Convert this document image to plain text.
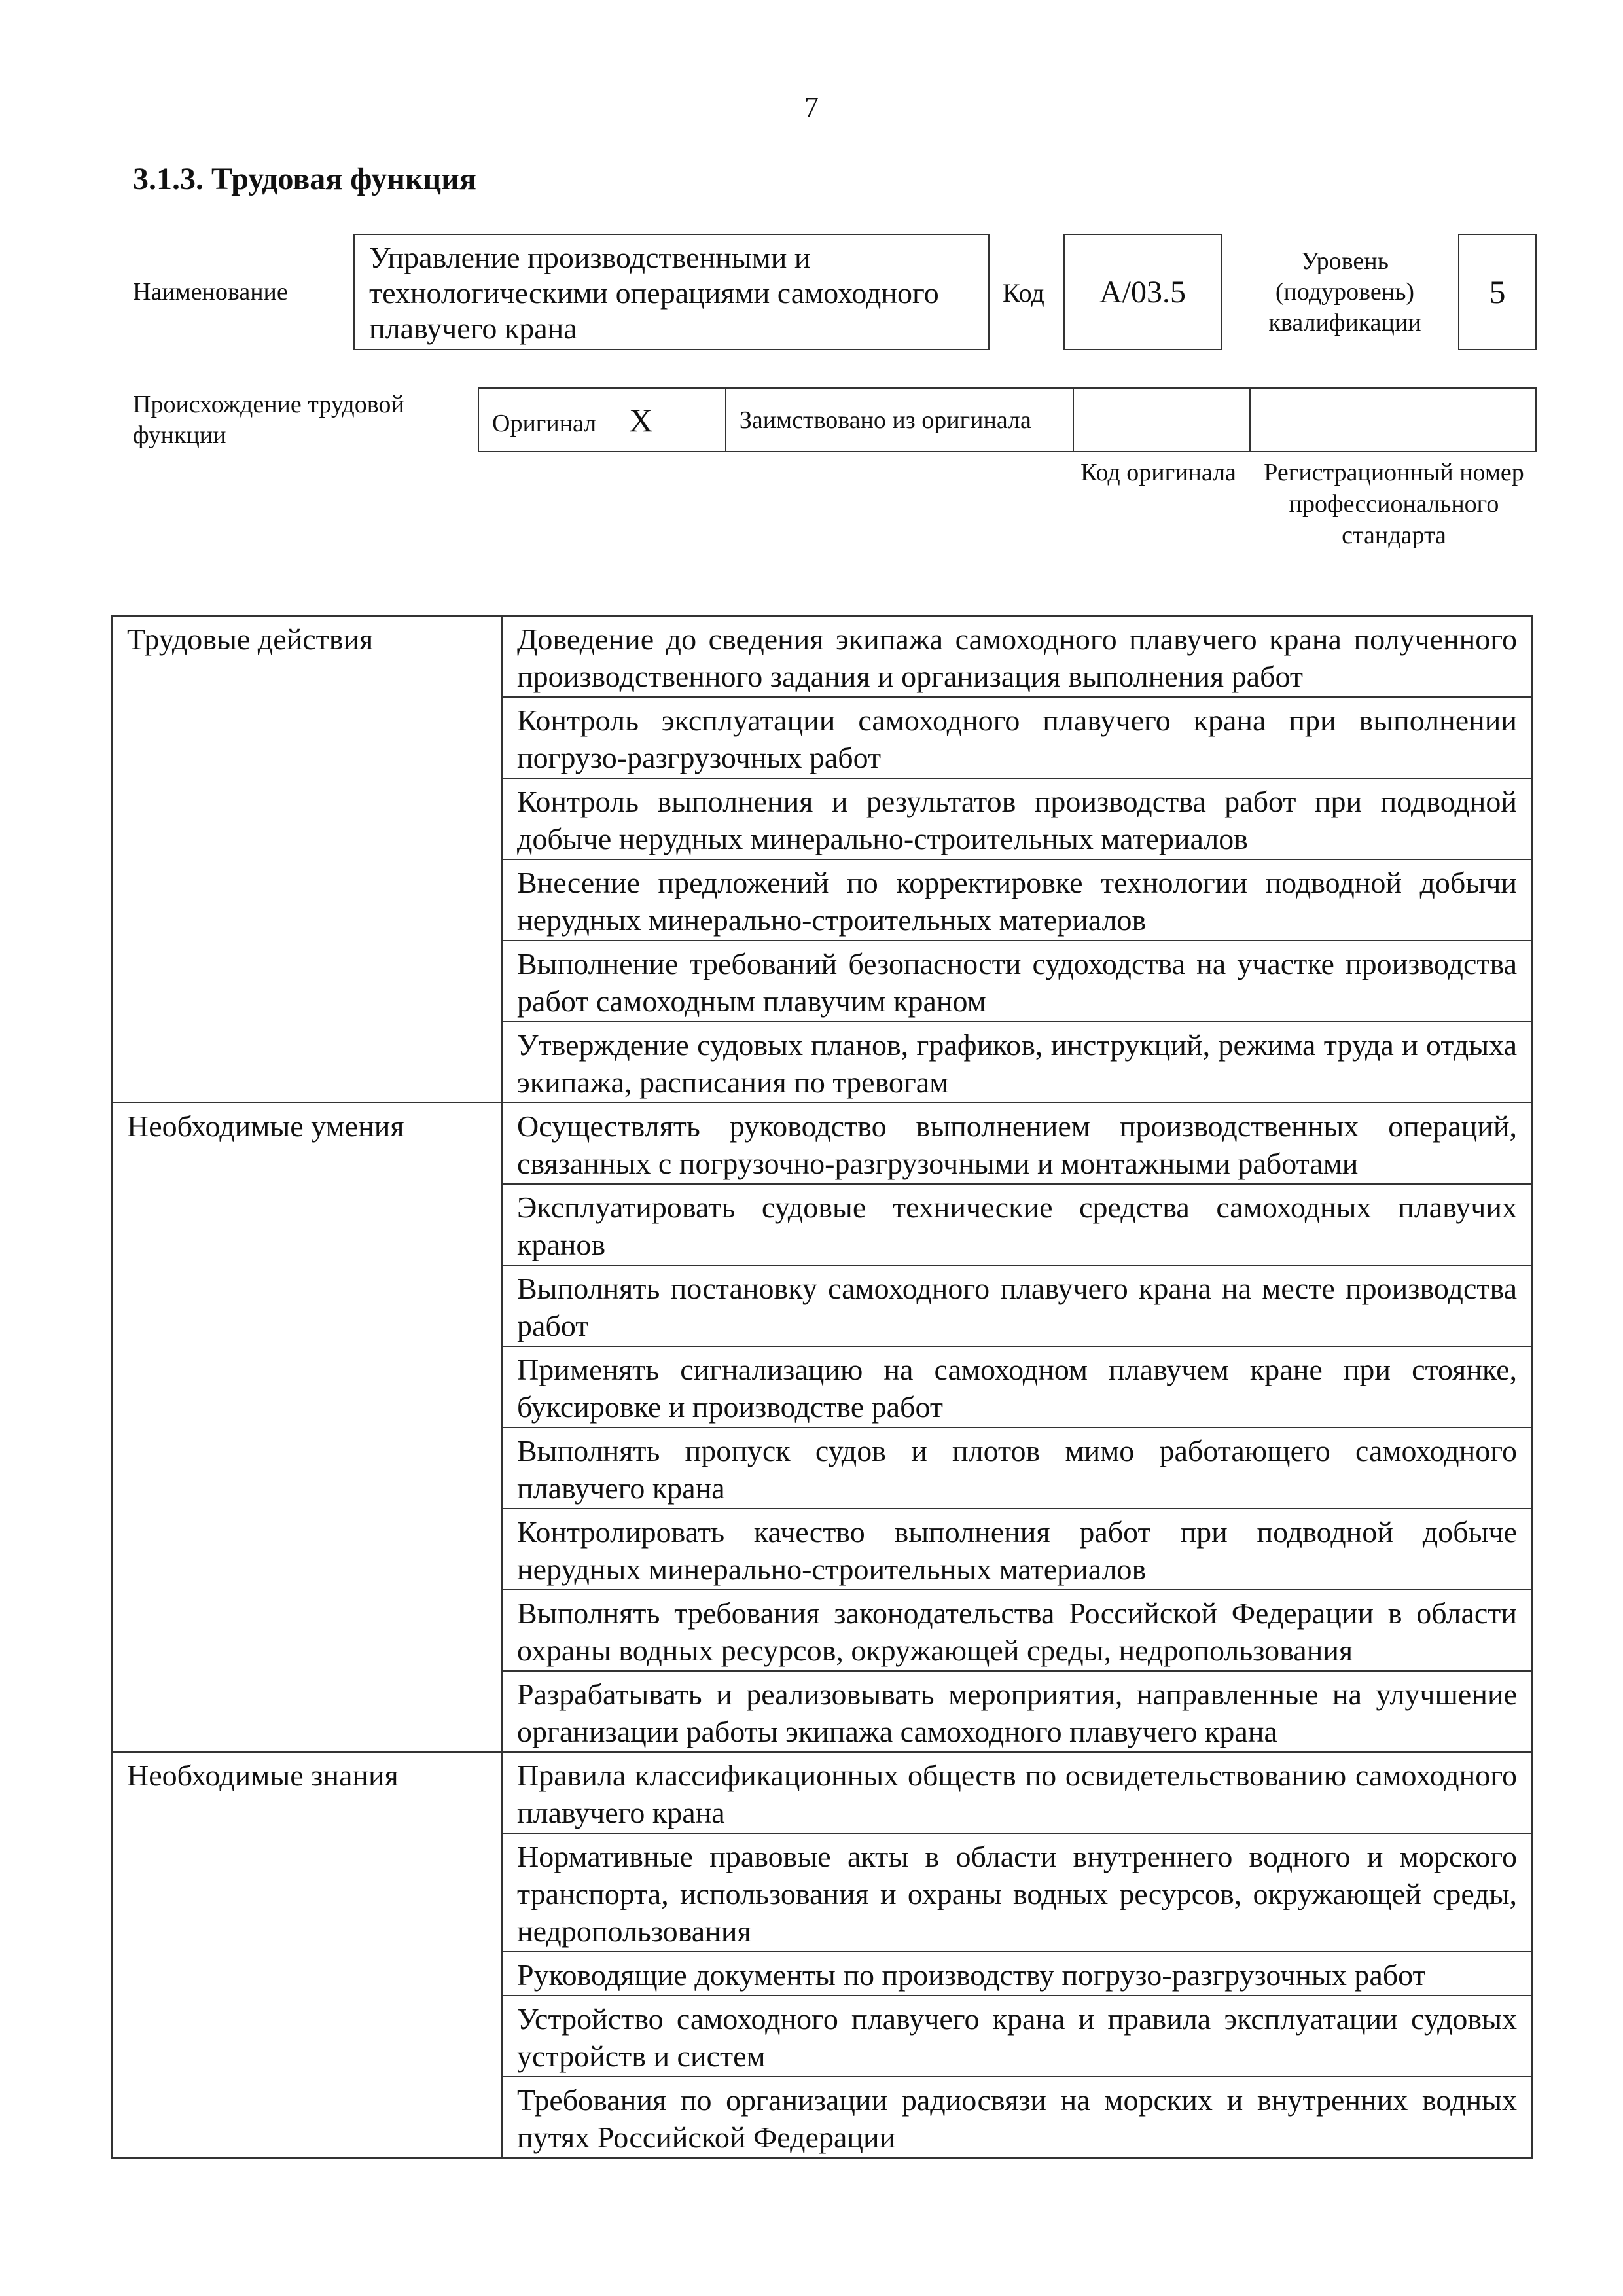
7
3.1.3. Трудовая функция
Наименование
Управление производственными и технологическими операциями самоходного плавучего крана
Код А/03.5
Уровень (подуровень) квалификации
5
Происхождение трудовой функции	Оригинал Х	Заимствовано из оригинала		
Код оригинала	Регистрационный номер профессионального стандарта
Трудовые действия	Доведение до сведения экипажа самоходного плавучего крана полученного производственного задания и организация выполнения работ
	Контроль эксплуатации самоходного плавучего крана при выполнении погрузо-разгрузочных работ
	Контроль выполнения и результатов производства работ при подводной добыче нерудных минерально-строительных материалов
	Внесение предложений по корректировке технологии подводной добычи нерудных минерально-строительных материалов
	Выполнение требований безопасности судоходства на участке производства работ самоходным плавучим краном
	Утверждение судовых планов, графиков, инструкций, режима труда и отдыха экипажа, расписания по тревогам
Необходимые умения	Осуществлять руководство выполнением производственных операций, связанных с погрузочно-разгрузочными и монтажными работами
	Эксплуатировать судовые технические средства самоходных плавучих кранов
	Выполнять постановку самоходного плавучего крана на месте производства работ
	Применять сигнализацию на самоходном плавучем кране при стоянке, буксировке и производстве работ
	Выполнять пропуск судов и плотов мимо работающего самоходного плавучего крана
	Контролировать качество выполнения работ при подводной добыче нерудных минерально-строительных материалов
	Выполнять требования законодательства Российской Федерации в области охраны водных ресурсов, окружающей среды, недропользования
	Разрабатывать и реализовывать мероприятия, направленные на улучшение организации работы экипажа самоходного плавучего крана
Необходимые знания	Правила классификационных обществ по освидетельствованию самоходного плавучего крана
	Нормативные правовые акты в области внутреннего водного и морского транспорта, использования и охраны водных ресурсов, окружающей среды, недропользования
	Руководящие документы по производству погрузо-разгрузочных работ
	Устройство самоходного плавучего крана и правила эксплуатации судовых устройств и систем
	Требования по организации радиосвязи на морских и внутренних водных путях Российской Федерации
